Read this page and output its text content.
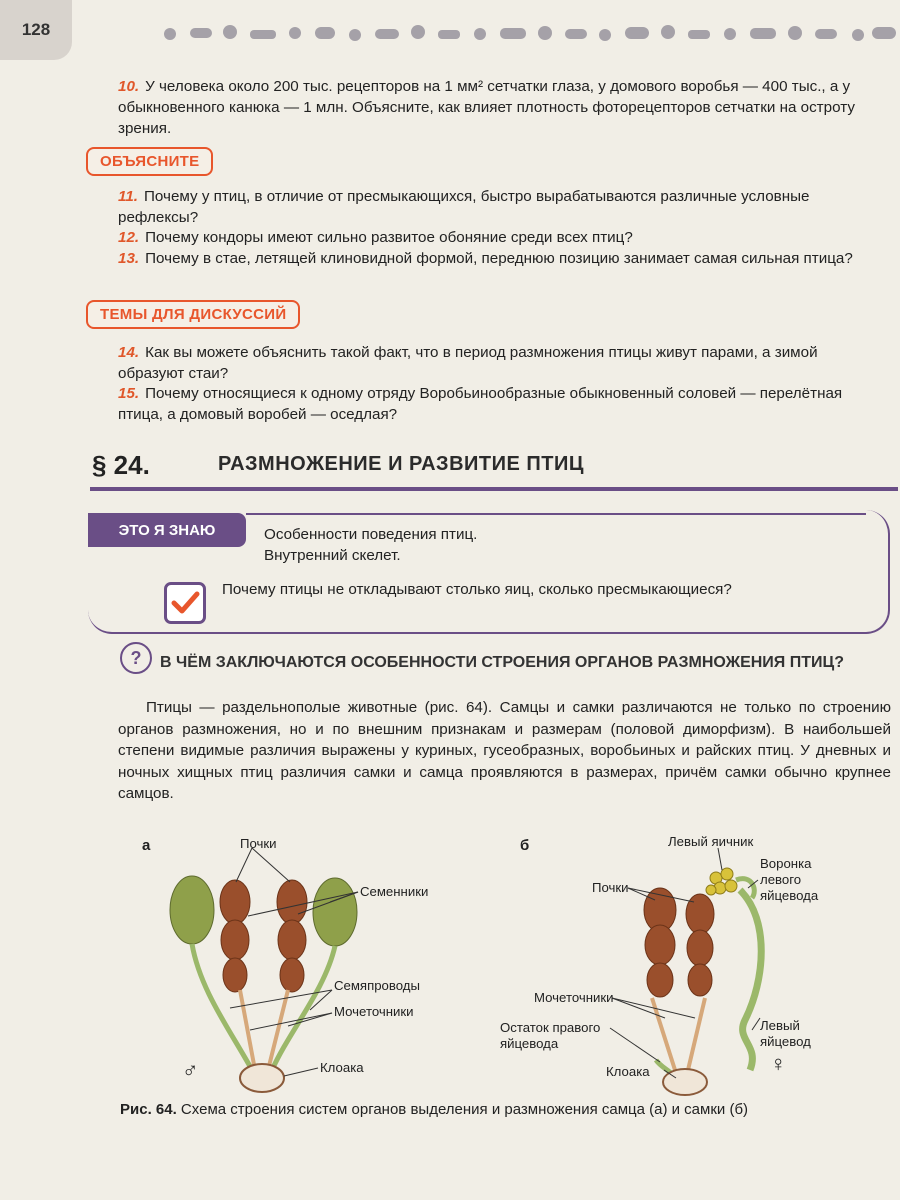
128
10. У человека около 200 тыс. рецепторов на 1 мм² сетчатки глаза, у домового воробья — 400 тыс., а у обыкновенного канюка — 1 млн. Объясните, как влияет плотность фоторецепторов сетчатки на остроту зрения.
ОБЪЯСНИТЕ
11. Почему у птиц, в отличие от пресмыкающихся, быстро вырабатываются различные условные рефлексы?
12. Почему кондоры имеют сильно развитое обоняние среди всех птиц?
13. Почему в стае, летящей клиновидной формой, переднюю позицию занимает самая сильная птица?
ТЕМЫ ДЛЯ ДИСКУССИЙ
14. Как вы можете объяснить такой факт, что в период размножения птицы живут парами, а зимой образуют стаи?
15. Почему относящиеся к одному отряду Воробьинообразные обыкновенный соловей — перелётная птица, а домовый воробей — оседлая?
§ 24.	РАЗМНОЖЕНИЕ И РАЗВИТИЕ ПТИЦ
ЭТО Я ЗНАЮ	Особенности поведения птиц.
Внутренний скелет.
Почему птицы не откладывают столько яиц, сколько пресмыкающиеся?
?	В ЧЁМ ЗАКЛЮЧАЮТСЯ ОСОБЕННОСТИ СТРОЕНИЯ ОРГАНОВ РАЗМНОЖЕНИЯ ПТИЦ?
Птицы — раздельнополые животные (рис. 64). Самцы и самки различаются не только по строению органов размножения, но и по внешним признакам и размерам (половой диморфизм). В наибольшей степени видимые различия выражены у куриных, гусеобразных, воробьиных и райских птиц. У дневных и ночных хищных птиц различия самки и самца проявляются в размерах, причём самки обычно крупнее самцов.
а	Почки
Семенники
Семяпроводы
Мочеточники
Клоака
♂
б	Левый яичник
Воронка левого яйцевода
Почки
Мочеточники
Остаток правого яйцевода
Левый яйцевод
Клоака	♀
Рис. 64. Схема строения систем органов выделения и размножения самца (а) и самки (б)
